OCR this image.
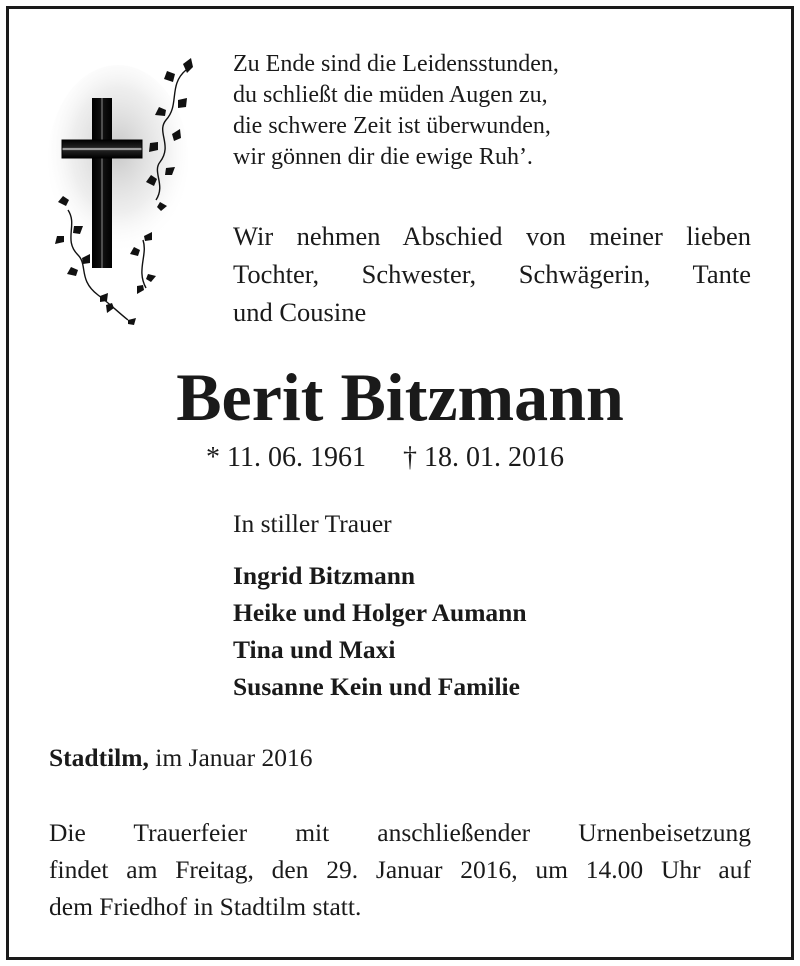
Zu Ende sind die Leidensstunden,
du schließt die müden Augen zu,
die schwere Zeit ist überwunden,
wir gönnen dir die ewige Ruh’.
Wir nehmen Abschied von meiner lieben
Tochter, Schwester, Schwägerin, Tante
und Cousine
Berit Bitzmann
* 11. 06. 1961 † 18. 01. 2016
In stiller Trauer
Ingrid Bitzmann
Heike und Holger Aumann
Tina und Maxi
Susanne Kein und Familie
Stadtilm, im Januar 2016
Die Trauerfeier mit anschließender Urnenbeisetzung
findet am Freitag, den 29. Januar 2016, um 14.00 Uhr auf
dem Friedhof in Stadtilm statt.
